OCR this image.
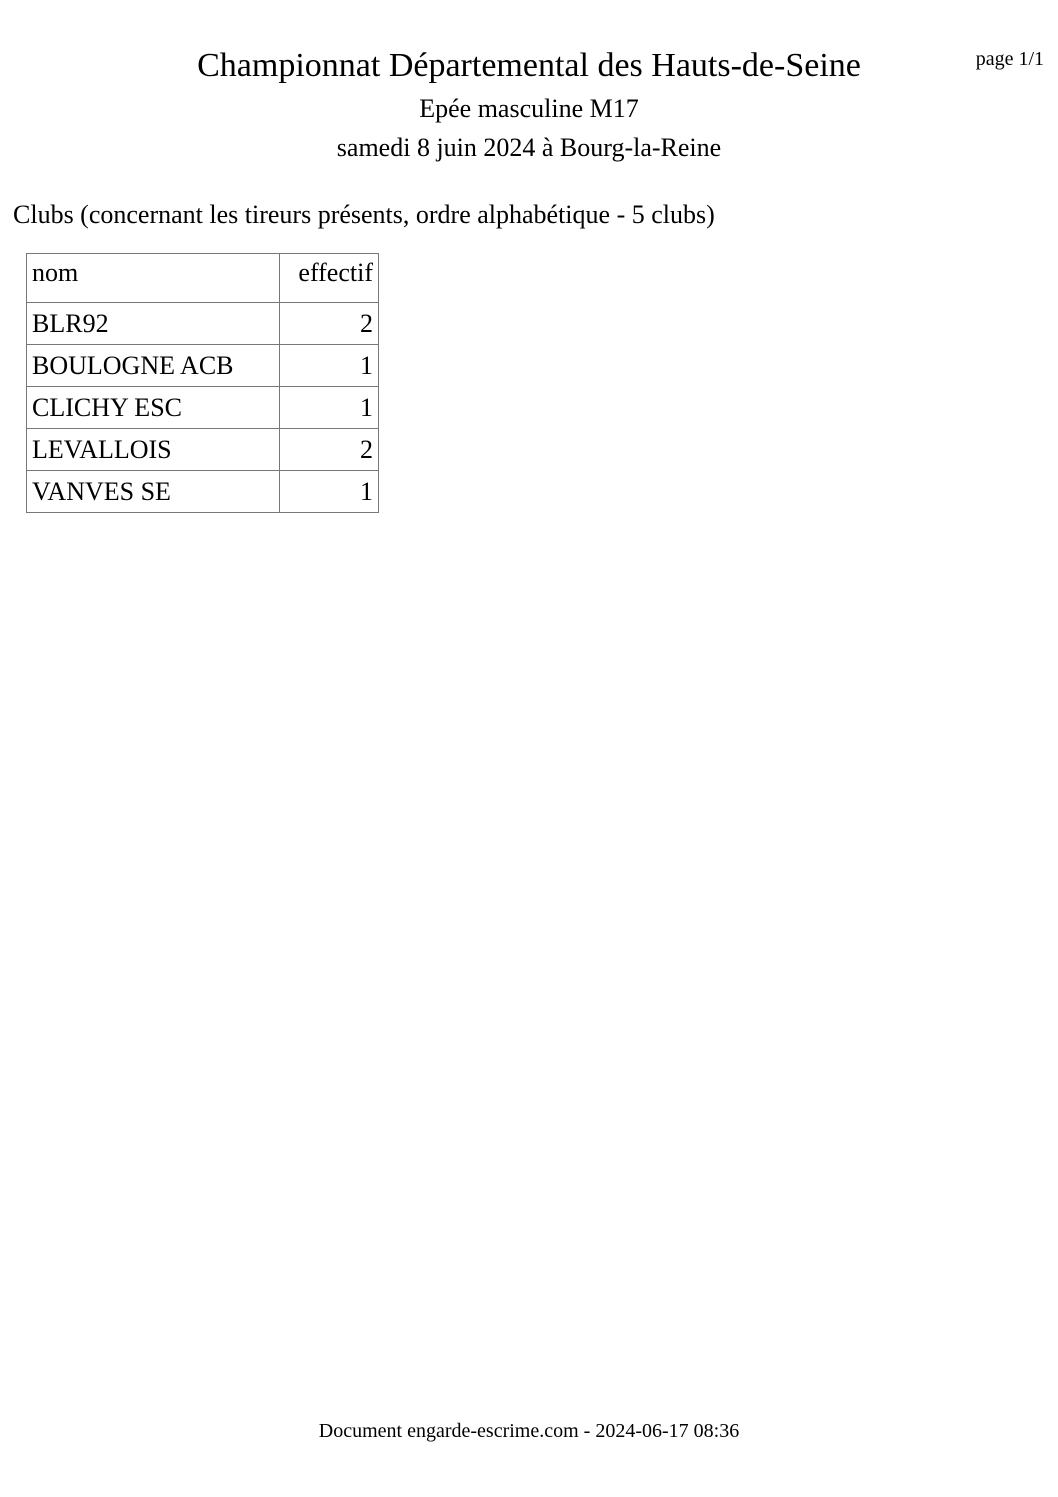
Championnat Départemental des Hauts-de-Seine	page 1/1
Epée masculine M17
samedi 8 juin 2024 à Bourg-la-Reine
Clubs (concernant les tireurs présents, ordre alphabétique - 5 clubs)
nom	effectif
BLR92	2
BOULOGNE ACB	1
CLICHY ESC	1
LEVALLOIS	2
VANVES SE	1
Document engarde-escrime.com - 2024-06-17 08:36
